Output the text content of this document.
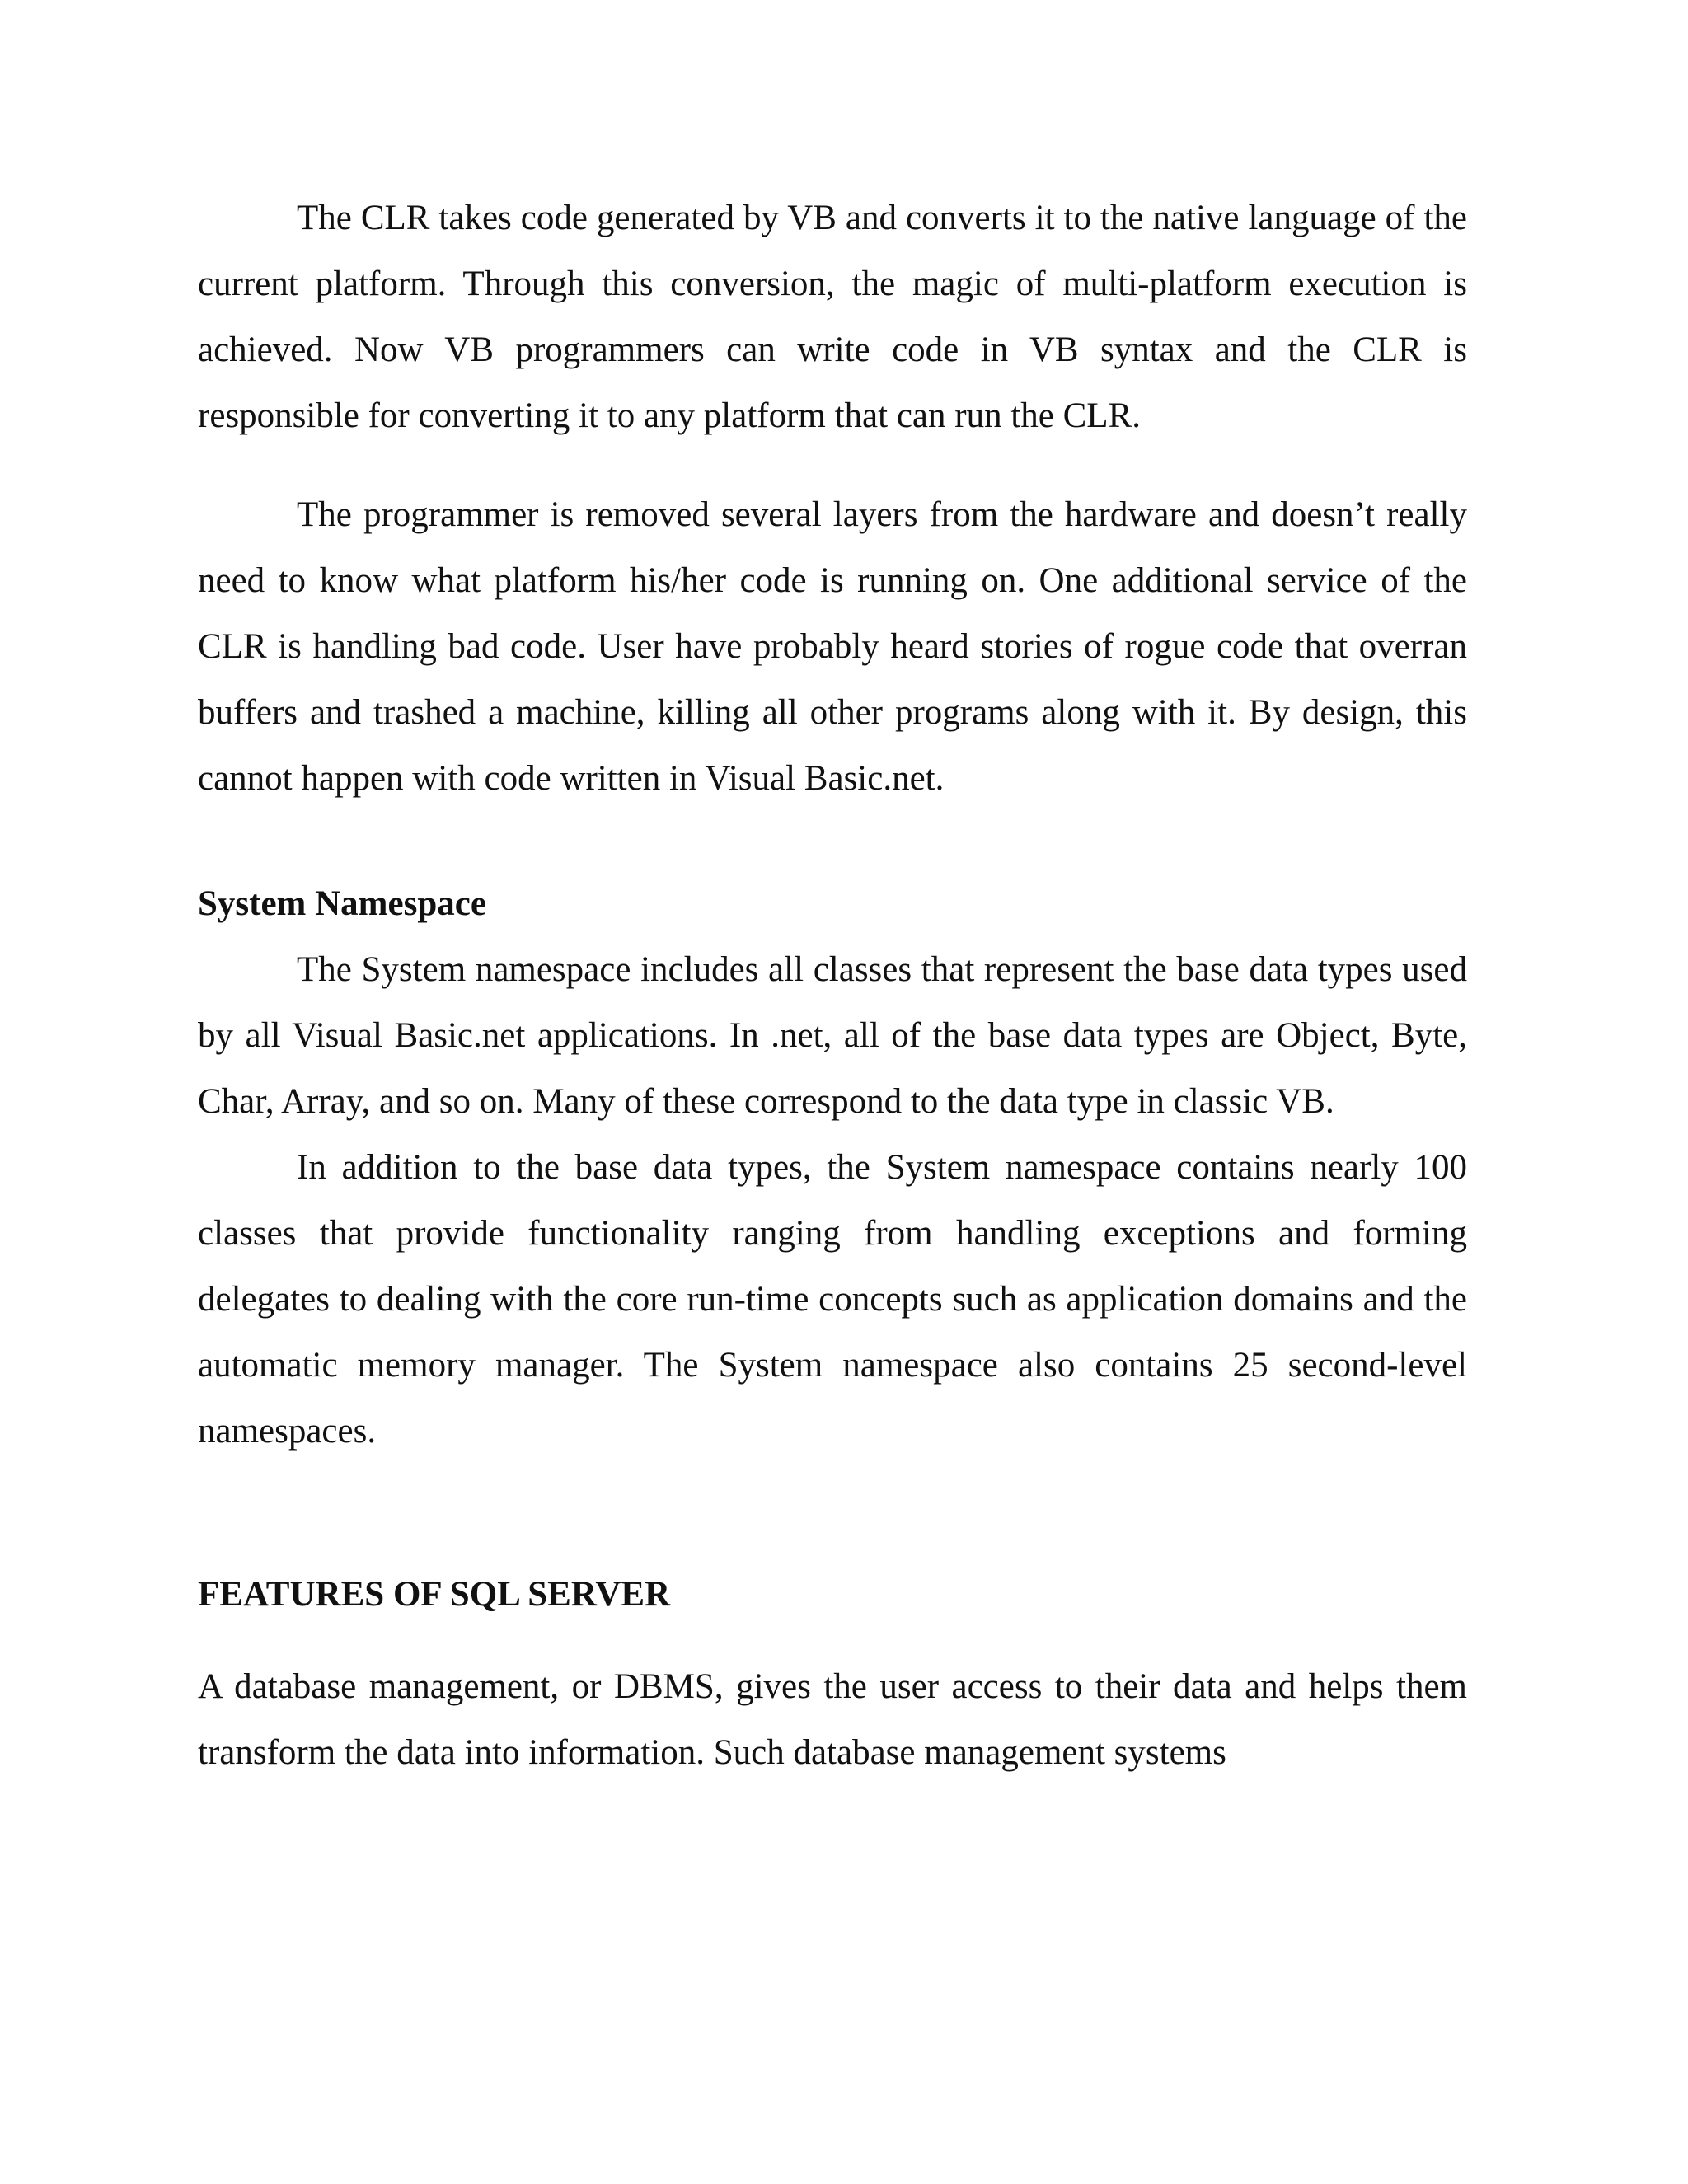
The CLR takes code generated by VB and converts it to the native language of the current platform. Through this conversion, the magic of multi-platform execution is achieved. Now VB programmers can write code in VB syntax and the CLR is responsible for converting it to any platform that can run the CLR.

The programmer is removed several layers from the hardware and doesn’t really need to know what platform his/her code is running on. One additional service of the CLR is handling bad code. User have probably heard stories of rogue code that overran buffers and trashed a machine, killing all other programs along with it. By design, this cannot happen with code written in Visual Basic.net.

System Namespace

The System namespace includes all classes that represent the base data types used by all Visual Basic.net applications. In .net, all of the base data types are Object, Byte, Char, Array, and so on. Many of these correspond to the data type in classic VB.

In addition to the base data types, the System namespace contains nearly 100 classes that provide functionality ranging from handling exceptions and forming delegates to dealing with the core run-time concepts such as application domains and the automatic memory manager. The System namespace also contains 25 second-level namespaces.

FEATURES OF SQL SERVER

A database management, or DBMS, gives the user access to their data and helps them transform the data into information. Such database management systems
